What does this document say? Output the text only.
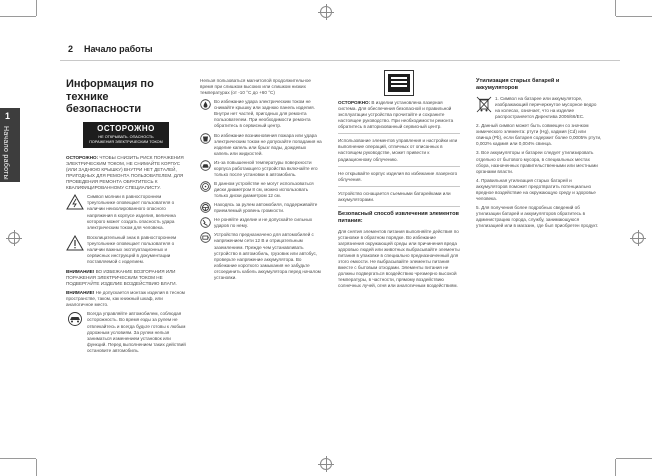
2 Начало работы
1
Начало работы
Информация по
технике безопасности
ОСТОРОЖНО
НЕ ОТКРЫВАТЬ. ОПАСНОСТЬ ПОРАЖЕНИЯ ЭЛЕКТРИЧЕСКИМ ТОКОМ

ОСТОРОЖНО: ЧТОБЫ СНИЗИТЬ РИСК ПОРАЖЕНИЯ ЭЛЕКТРИЧЕСКИМ ТОКОМ, НЕ СНИМАЙТЕ КОРПУС (ИЛИ ЗАДНЮЮ КРЫШКУ) ВНУТРИ НЕТ ДЕТАЛЕЙ, ПРИГОДНЫХ ДЛЯ РЕМОНТА ПОЛЬЗОВАТЕЛЕМ. ДЛЯ ПРОВЕДЕНИЯ РЕМОНТА ОБРАТИТЕСЬ К КВАЛИФИЦИРОВАННОМУ СПЕЦИАЛИСТУ.

Символ молнии в равностороннем треугольнике оповещает пользователя о наличии неизолированного опасного напряжения в корпусе изделия, величина которого может создать опасность удара электрическим током для человека.
Восклицательный знак в равностороннем треугольнике оповещает пользователя о наличии важных эксплуатационных и сервисных инструкций в документации поставляемой с изделием.

ВНИМАНИЕ! ВО ИЗБЕЖАНИЕ ВОЗГОРАНИЯ ИЛИ ПОРАЖЕНИЯ ЭЛЕКТРИЧЕСКИМ ТОКОМ НЕ ПОДВЕРГАЙТЕ ИЗДЕЛИЕ ВОЗДЕЙСТВИЮ ВЛАГИ.

ВНИМАНИЕ! Не допускается монтаж изделия в тесном пространстве, таком, как книжный шкаф, или аналогичное место.

Всегда управляйте автомобилем, соблюдая осторожность. Во время езды за рулем не отвлекайтесь и всегда будьте готовы к любым дорожным условиям. За рулем нельзя заниматься изменением установок или функций. Перед выполнением таких действий остановите автомобиль.

Нельзя пользоваться магнитолой продолжительное время при слишком высоких или слишком низких температурах (от -10 °C до +60 °C)

Во избежание удара электрическим током не снимайте крышку или заднюю панель изделия. Внутри нет частей, пригодных для ремонта пользователем. При необходимости ремонта обратитесь в сервисный центр.
Во избежание возникновения пожара или удара электрическим током не допускайте попадания на изделие капель или брызг воды, дождевых капель или жидкостей.
Из-за повышенной температуры поверхности корпуса работающего устройства включайте его только после установки в автомобиль.
В данном устройстве не могут использоваться диски диаметром 8 см, можно использовать только диски диаметром 12 см.
Находясь за рулем автомобиля, поддерживайте приемлемый уровень громкости.
Не роняйте изделие и не допускайте сильных ударов по нему.
Устройство предназначено для автомобилей с напряжением сети 12 В и отрицательным заземлением. Прежде чем устанавливать устройство в автомобиль, грузовик или автобус, проверьте напряжение аккумулятора. Во избежание короткого замыкания не забудьте отсоединить кабель аккумулятора перед началом установки.

ОСТОРОЖНО: В изделии установлена лазерная система. Для обеспечения безопасной и правильной эксплуатации устройства прочитайте и сохраните настоящее руководство. При необходимости ремонта обратитесь в авторизованный сервисный центр.

Использование элементов управления и настройки или выполнение операций, отличных от описанных в настоящем руководстве, может привести к радиационному облучению.

Не открывайте корпус изделия во избежание лазерного облучения.

Устройство оснащается съемными батарейками или аккумуляторами.

Безопасный способ извлечения элементов питания:

Для снятия элементов питания выполняйте действия по установке в обратном порядке. Во избежание загрязнения окружающей среды или причинения вреда здоровью людей или животных выбрасывайте элементы питания в упаковке в специально предназначенный для этого емкости. Не выбрасывайте элементы питания вместе с бытовым отходами. Элементы питания не должны подвергаться воздействию чрезмерно высокой температуры, в частности, прямому воздействию солнечных лучей, огня или аналогичным воздействиям.

Утилизация старых батарей и аккумуляторов
1. Символ на батарее или аккумуляторе, изображающий перечеркнутое мусорное ведро на колесах, означает, что на изделие распространяется Директива 2006/66/EC.

2. Данный символ может быть совмещен со значком химического элемента: ртути (Hg), кадмия (Cd) или свинца (Pb), если батарея содержит более 0,0005% ртути, 0,002% кадмия или 0,004% свинца.

3. Все аккумуляторы и батареи следует утилизировать отдельно от бытового мусора, в специальных местах сбора, назначенных правительственными или местными органами власти.

4. Правильная утилизация старых батарей и аккумуляторов поможет предотвратить потенциально вредное воздействие на окружающую среду и здоровье человека.

5. Для получения более подробных сведений об утилизации батарей и аккумуляторов обратитесь в администрацию города, службу, занимающуюся утилизацией или в магазин, где был приобретен продукт.
